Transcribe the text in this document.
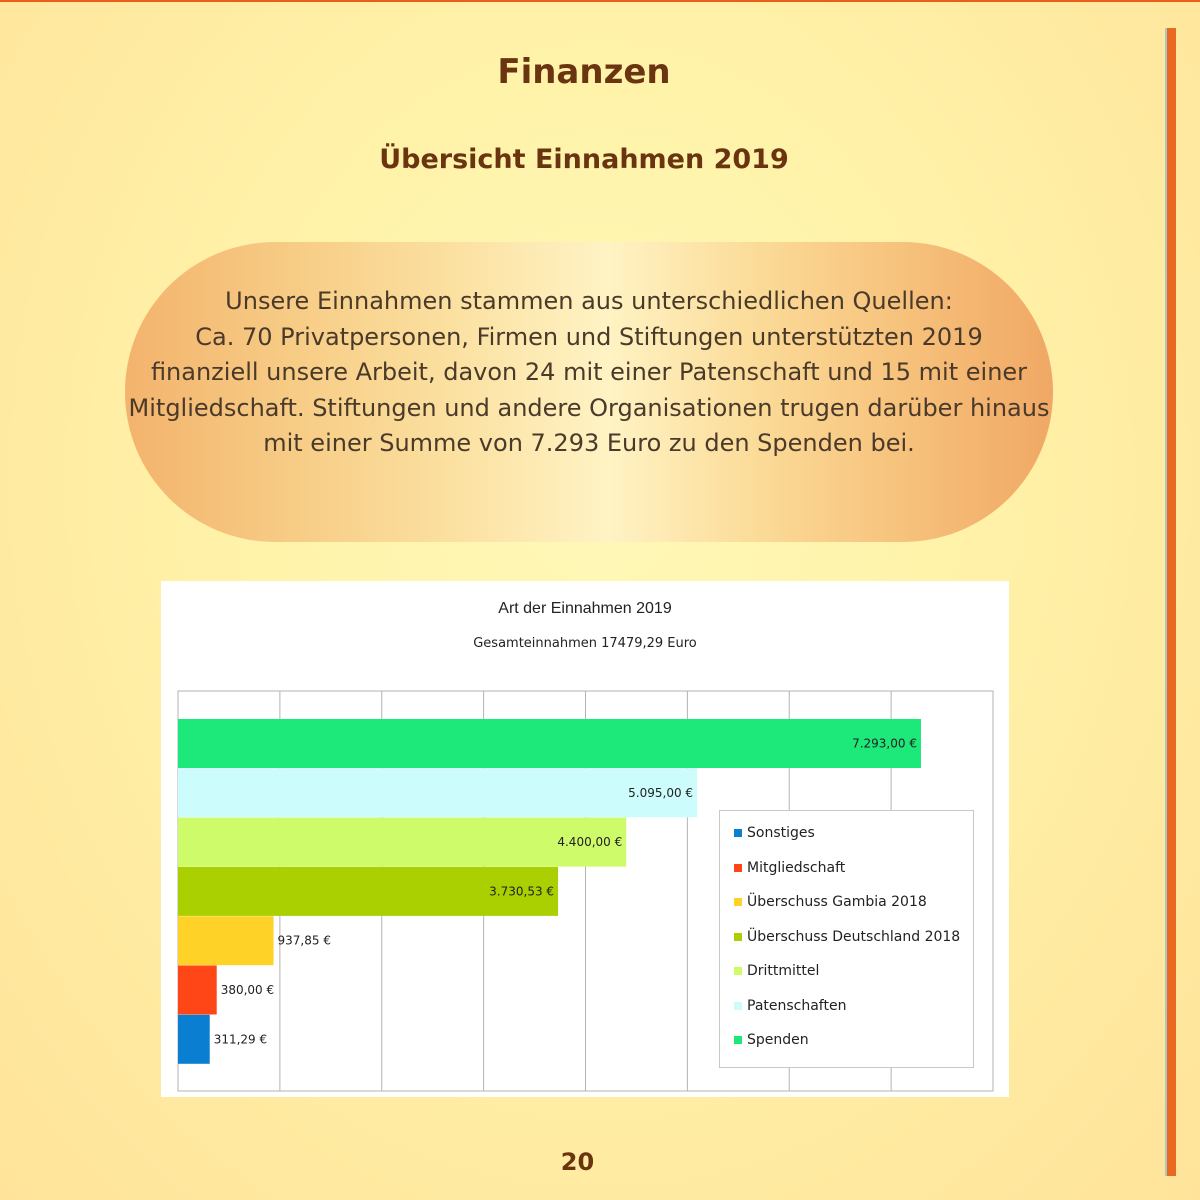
Finanzen
Übersicht Einnahmen 2019
Unsere Einnahmen stammen aus unterschiedlichen Quellen:
Ca. 70 Privatpersonen, Firmen und Stiftungen unterstützten 2019
finanziell unsere Arbeit, davon 24 mit einer Patenschaft und 15 mit einer
Mitgliedschaft. Stiftungen und andere Organisationen trugen darüber hinaus
mit einer Summe von 7.293 Euro zu den Spenden bei.
Art der Einnahmen 2019
Gesamteinnahmen 17479,29 Euro
7.293,00 €
5.095,00 €
4.400,00 €
3.730,53 €
937,85 €
380,00 €
311,29 €
Sonstiges
Mitgliedschaft
Überschuss Gambia 2018
Überschuss Deutschland 2018
Drittmittel
Patenschaften
Spenden
20
